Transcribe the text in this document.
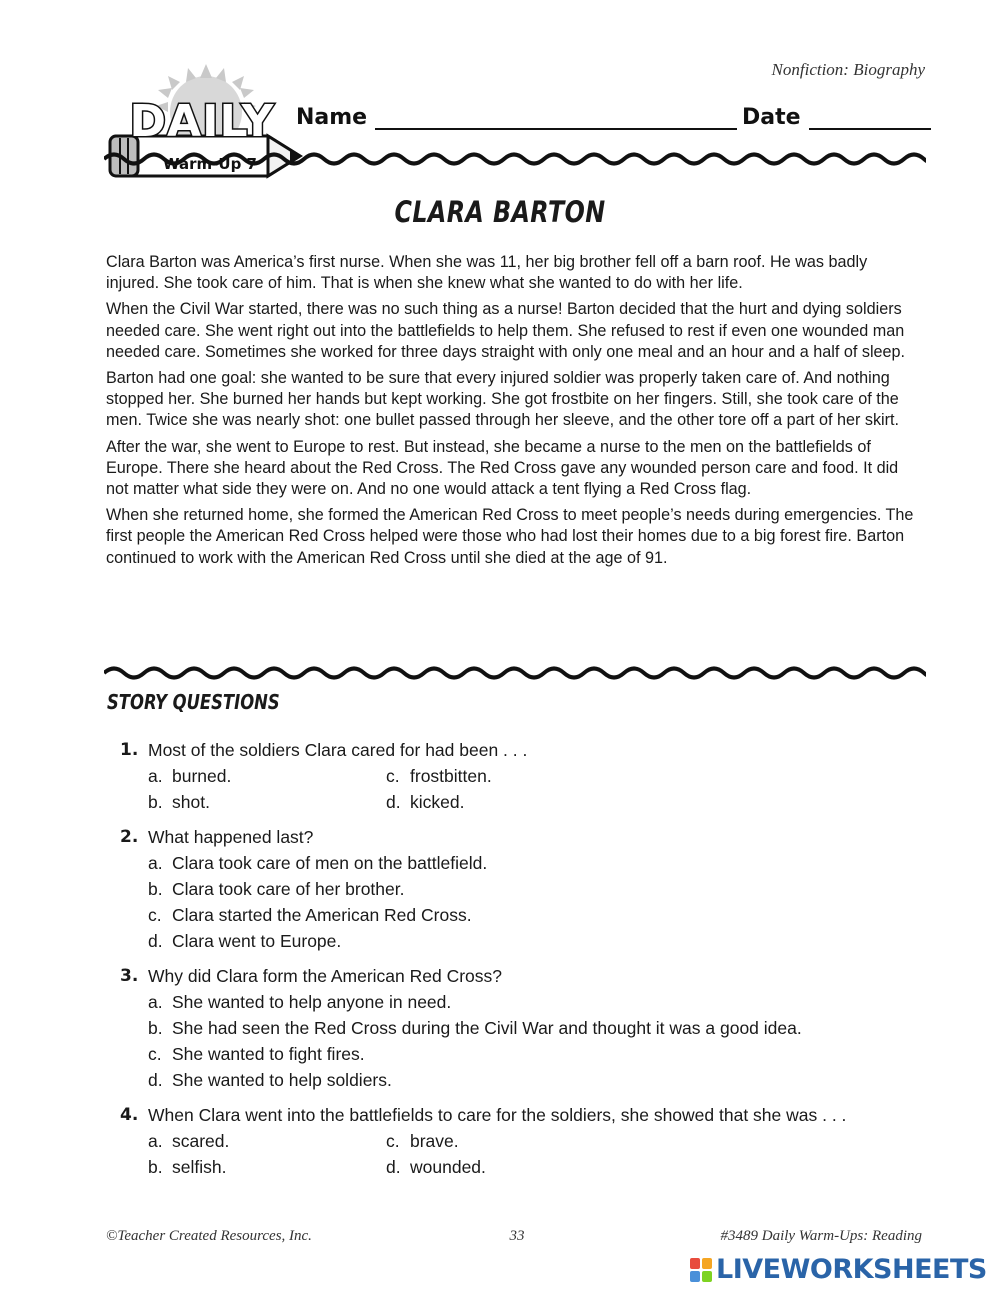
Nonfiction: Biography
DAILY
Warm-Up 7
Name	Date
CLARA BARTON

Clara Barton was America’s first nurse. When she was 11, her big brother fell off a barn roof. He was badly injured. She took care of him. That is when she knew what she wanted to do with her life.

When the Civil War started, there was no such thing as a nurse! Barton decided that the hurt and dying soldiers needed care. She went right out into the battlefields to help them. She refused to rest if even one wounded man needed care. Sometimes she worked for three days straight with only one meal and an hour and a half of sleep.

Barton had one goal: she wanted to be sure that every injured soldier was properly taken care of. And nothing stopped her. She burned her hands but kept working. She got frostbite on her fingers. Still, she took care of the men. Twice she was nearly shot: one bullet passed through her sleeve, and the other tore off a part of her skirt.

After the war, she went to Europe to rest. But instead, she became a nurse to the men on the battlefields of Europe. There she heard about the Red Cross. The Red Cross gave any wounded person care and food. It did not matter what side they were on. And no one would attack a tent flying a Red Cross flag.

When she returned home, she formed the American Red Cross to meet people’s needs during emergencies. The first people the American Red Cross helped were those who had lost their homes due to a big forest fire. Barton continued to work with the American Red Cross until she died at the age of 91.

STORY QUESTIONS
1. Most of the soldiers Clara cared for had been . . .
a. burned.	c. frostbitten.
b. shot.	d. kicked.
2. What happened last?
a. Clara took care of men on the battlefield.
b. Clara took care of her brother.
c. Clara started the American Red Cross.
d. Clara went to Europe.
3. Why did Clara form the American Red Cross?
a. She wanted to help anyone in need.
b. She had seen the Red Cross during the Civil War and thought it was a good idea.
c. She wanted to fight fires.
d. She wanted to help soldiers.
4. When Clara went into the battlefields to care for the soldiers, she showed that she was . . .
a. scared.	c. brave.
b. selfish.	d. wounded.
©Teacher Created Resources, Inc.	33	#3489 Daily Warm-Ups: Reading
LIVEWORKSHEETS
